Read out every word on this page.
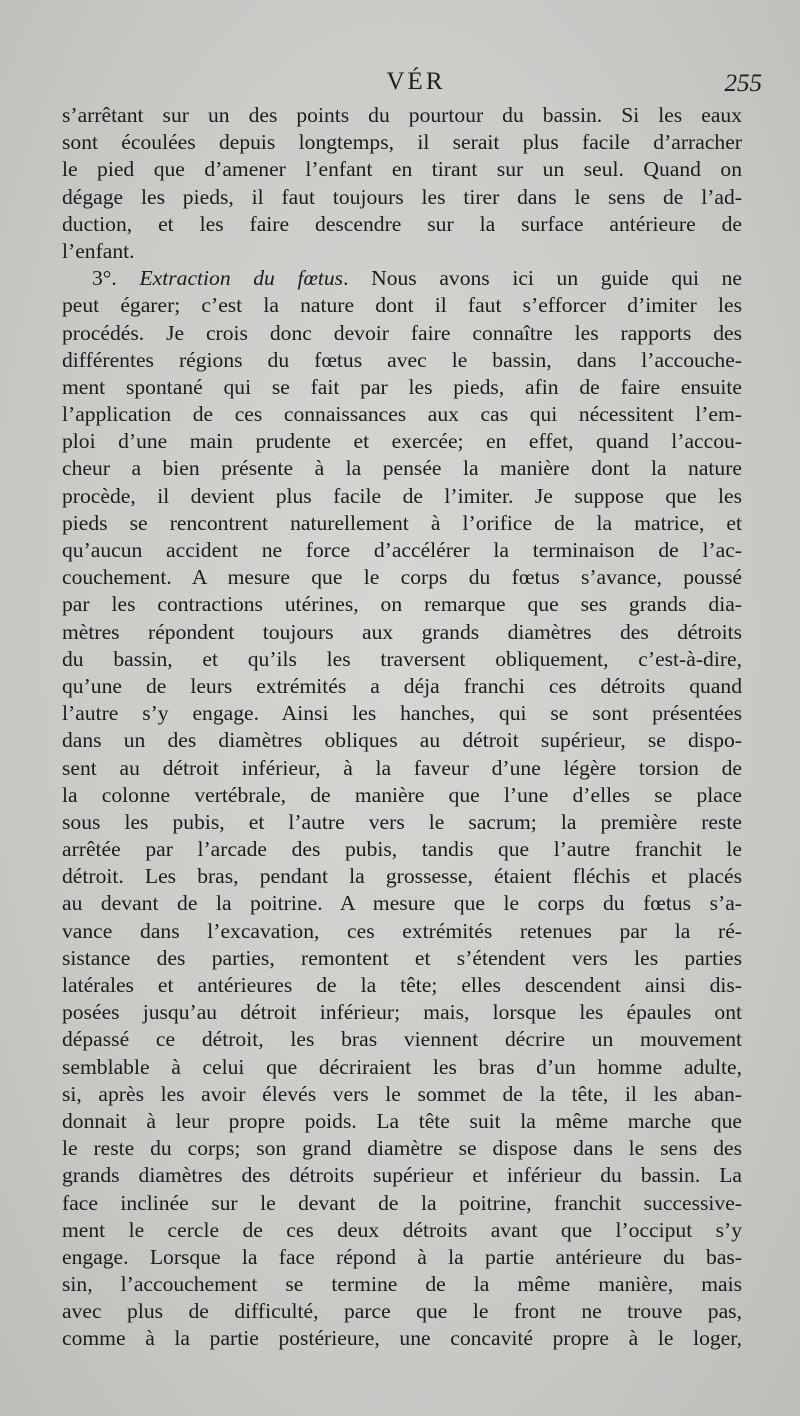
VÉR	255
s’arrêtant sur un des points du pourtour du bassin. Si les eaux
sont écoulées depuis longtemps, il serait plus facile d’arracher
le pied que d’amener l’enfant en tirant sur un seul. Quand on
dégage les pieds, il faut toujours les tirer dans le sens de l’ad-
duction, et les faire descendre sur la surface antérieure de
l’enfant.
3°. Extraction du fœtus. Nous avons ici un guide qui ne
peut égarer; c’est la nature dont il faut s’efforcer d’imiter les
procédés. Je crois donc devoir faire connaître les rapports des
différentes régions du fœtus avec le bassin, dans l’accouche-
ment spontané qui se fait par les pieds, afin de faire ensuite
l’application de ces connaissances aux cas qui nécessitent l’em-
ploi d’une main prudente et exercée; en effet, quand l’accou-
cheur a bien présente à la pensée la manière dont la nature
procède, il devient plus facile de l’imiter. Je suppose que les
pieds se rencontrent naturellement à l’orifice de la matrice, et
qu’aucun accident ne force d’accélérer la terminaison de l’ac-
couchement. A mesure que le corps du fœtus s’avance, poussé
par les contractions utérines, on remarque que ses grands dia-
mètres répondent toujours aux grands diamètres des détroits
du bassin, et qu’ils les traversent obliquement, c’est-à-dire,
qu’une de leurs extrémités a déja franchi ces détroits quand
l’autre s’y engage. Ainsi les hanches, qui se sont présentées
dans un des diamètres obliques au détroit supérieur, se dispo-
sent au détroit inférieur, à la faveur d’une légère torsion de
la colonne vertébrale, de manière que l’une d’elles se place
sous les pubis, et l’autre vers le sacrum; la première reste
arrêtée par l’arcade des pubis, tandis que l’autre franchit le
détroit. Les bras, pendant la grossesse, étaient fléchis et placés
au devant de la poitrine. A mesure que le corps du fœtus s’a-
vance dans l’excavation, ces extrémités retenues par la ré-
sistance des parties, remontent et s’étendent vers les parties
latérales et antérieures de la tête; elles descendent ainsi dis-
posées jusqu’au détroit inférieur; mais, lorsque les épaules ont
dépassé ce détroit, les bras viennent décrire un mouvement
semblable à celui que décriraient les bras d’un homme adulte,
si, après les avoir élevés vers le sommet de la tête, il les aban-
donnait à leur propre poids. La tête suit la même marche que
le reste du corps; son grand diamètre se dispose dans le sens des
grands diamètres des détroits supérieur et inférieur du bassin. La
face inclinée sur le devant de la poitrine, franchit successive-
ment le cercle de ces deux détroits avant que l’occiput s’y
engage. Lorsque la face répond à la partie antérieure du bas-
sin, l’accouchement se termine de la même manière, mais
avec plus de difficulté, parce que le front ne trouve pas,
comme à la partie postérieure, une concavité propre à le loger,
